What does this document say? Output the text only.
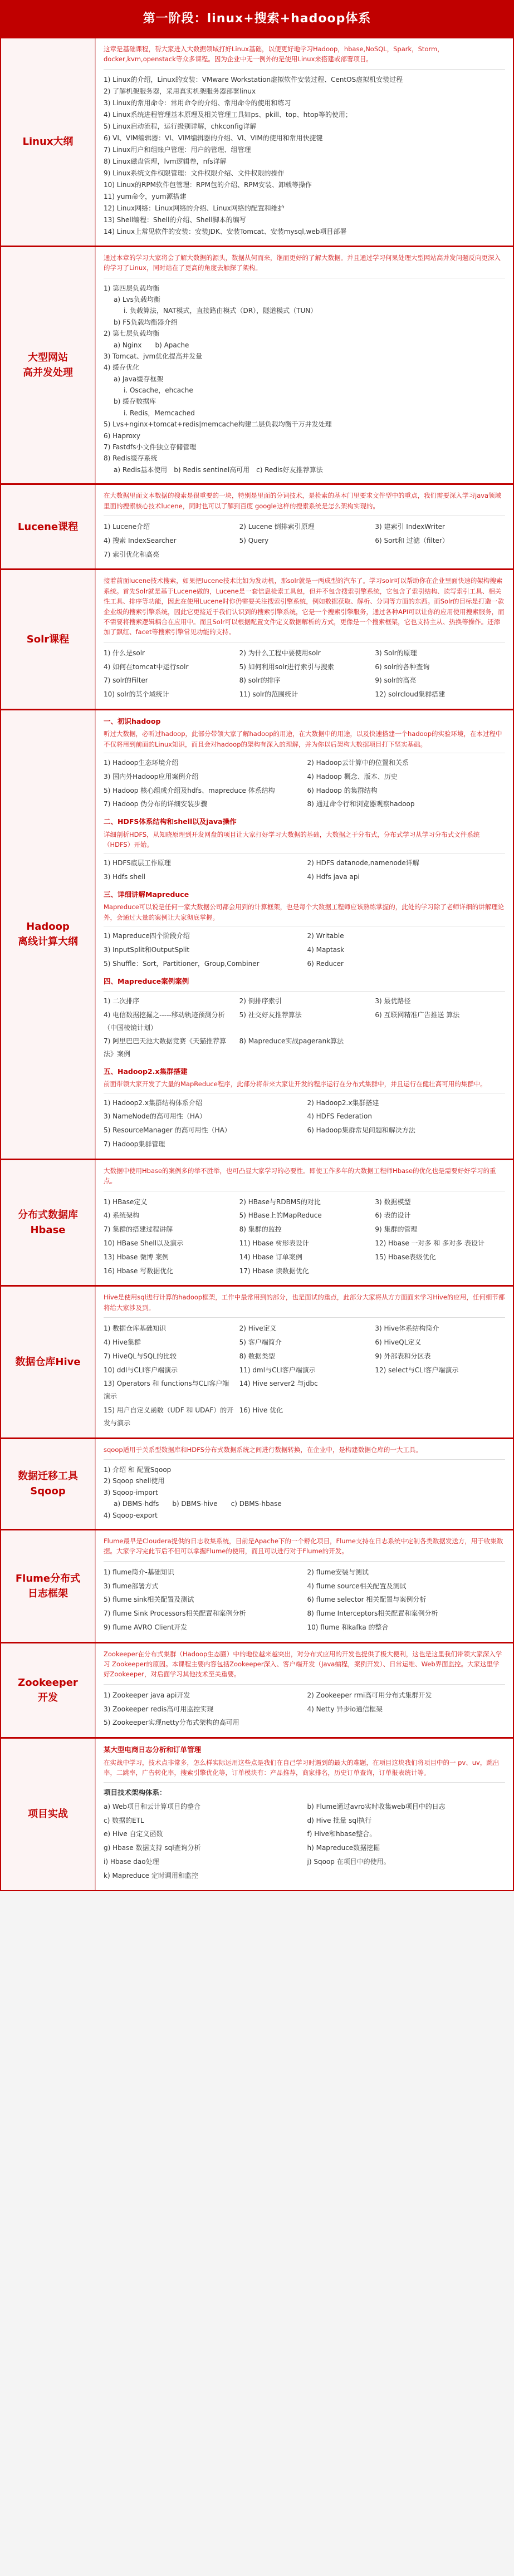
第一阶段：linux+搜索+hadoop体系
Linux大纲
这章是基础课程，帮大家进入大数据领域打好Linux基础，以便更好地学习Hadoop，hbase,NoSQL，Spark，Storm，docker,kvm,openstack等众多课程。因为企业中无一例外的是使用Linux来搭建或部署项目。
1) Linux的介绍，Linux的安装：VMware Workstation虚拟软件安装过程、CentOS虚拟机安装过程
2) 了解机架服务器，采用真实机架服务器部署linux
3) Linux的常用命令：常用命令的介绍、常用命令的使用和练习
4) Linux系统进程管理基本原理及相关管理工具如ps、pkill、top、htop等的使用；
5) Linux启动流程，运行级别详解，chkconfig详解
6) VI、VIM编辑器：VI、VIM编辑器的介绍、VI、VIM的使用和常用快捷键
7) Linux用户和组账户管理：用户的管理、组管理
8) Linux磁盘管理，lvm逻辑卷，nfs详解
9) Linux系统文件权限管理：文件权限介绍、文件权限的操作
10) Linux的RPM软件包管理：RPM包的介绍、RPM安装、卸载等操作
11) yum命令，yum源搭建
12) Linux网络：Linux网络的介绍、Linux网络的配置和维护
13) Shell编程：Shell的介绍、Shell脚本的编写
14) Linux上常见软件的安装：安装JDK、安装Tomcat、安装mysql,web项目部署
大型网站
高并发处理
通过本章的学习大家将会了解大数据的源头，数据从何而来，继而更好的了解大数据。并且通过学习何果处理大型网站高并发问题反向更深入的学习了Linux，同时站在了更高的角度去触探了架构。
1) 第四层负载均衡
a) Lvs负载均衡
i. 负载算法，NAT模式，直接路由模式（DR），隧道模式（TUN）
b) F5负载均衡器介绍
2) 第七层负载均衡
a) Nginx　　b) Apache
3) Tomcat、jvm优化提高并发量
4) 缓存优化
a) Java缓存框架
i. Oscache，ehcache
b) 缓存数据库
i. Redis，Memcached
5) Lvs+nginx+tomcat+redis|memcache构建二层负载均衡千万并发处理
6) Haproxy
7) Fastdfs小文件独立存储管理
8) Redis缓存系统
a) Redis基本使用　b) Redis sentinel高可用　c) Redis好友推荐算法
Lucene课程
在大数据里面文本数据的搜索是很重要的一块，特别是里面的分词技术，是检索的基本门里要求文件型中的重点，我们需要深入学习java领域里面的搜索核心技术lucene，同时也可以了解到百度 google这样的搜索系统是怎么架构实现的。
1) Lucene介绍	2) Lucene 倒排索引原理	3) 建索引 IndexWriter
4) 搜索 IndexSearcher	5) Query	6) Sort和 过滤（filter）
7) 索引优化和高亮
Solr课程
接着前面lucene技术搜索，如果把lucene技术比如为发动机，那solr就是一两成型的汽车了。学习solr可以帮助你在企业里面快速的架构搜索系统。首先Solr就是基于Lucene做的，Lucene是一套信息检索工具包，但并不包含搜索引擎系统，它包含了索引结构、读写索引工具、相关性工具、排序等功能，因此在使用Lucene时你仍需要关注搜索引擎系统，例如数据获取、解析、分词等方面的东西。而Solr的目标是打造一款企业级的搜索引擎系统，因此它更接近于我们认识到的搜索引擎系统，它是一个搜索引擎服务，通过各种API可以让你的应用使用搜索服务，而不需要将搜索逻辑耦合在应用中。而且Solr可以根据配置文件定义数据解析的方式，更像是一个搜索框架，它也支持主从、热换等操作。还添加了飘红、facet等搜索引擎常见功能的支持。
1) 什么是solr	2) 为什么工程中要使用solr	3) Solr的原理
4) 如何在tomcat中运行solr	5) 如何利用solr进行索引与搜索	6) solr的各种查询
7) solr的Filter	8) solr的排序	9) solr的高亮
10) solr的某个域统计	11) solr的范围统计	12) solrcloud集群搭建
Hadoop
离线计算大纲
一、初识hadoop
听过大数据，必听过hadoop，此部分带领大家了解hadoop的用途，在大数据中的用途，以及快速搭建一个hadoop的实验环境，在本过程中不仅将用到前面的Linux知识，而且会对hadoop的架构有深入的理解，并为你以后架构大数据项目打下坚实基础。
1) Hadoop生态环境介绍	2) Hadoop云计算中的位置和关系
3) 国内外Hadoop应用案例介绍	4) Hadoop 概念、版本、历史
5) Hadoop 核心组成介绍及hdfs、mapreduce 体系结构	6) Hadoop 的集群结构
7) Hadoop 伪分布的详细安装步骤	8) 通过命令行和浏览器观察hadoop
二、HDFS体系结构和shell以及java操作
详细剖析HDFS，从知晓原理到开发网盘的项目让大家打好学习大数据的基础，大数据之于分布式，分布式学习从学习分布式文件系统（HDFS）开始。
1) HDFS底层工作原理	2) HDFS datanode,namenode详解
3) Hdfs shell	4) Hdfs java api
三、详细讲解Mapreduce
Mapreduce可以说是任何一家大数据公司都会用到的计算框架，也是每个大数据工程师应该熟练掌握的，此处的学习除了老师详细的讲解理论外，会通过大量的案例让大家彻底掌握。
1) Mapreduce四个阶段介绍	2) Writable
3) InputSplit和OutputSplit	4) Maptask
5) Shuffle：Sort，Partitioner，Group,Combiner	6) Reducer
四、Mapreduce案例案例
1) 二次排序	2) 倒排序索引	3) 最优路径
4) 电信数据挖掘之-----移动轨迹预测分析（中国棱镜计划）
5) 社交好友推荐算法	6) 互联网精准广告推送 算法
7) 阿里巴巴天池大数据竞赛《天猫推荐算法》案例
8) Mapreduce实战pagerank算法
五、Hadoop2.x集群搭建
前面带领大家开发了大量的MapReduce程序，此部分将带来大家让开发的程序运行在分布式集群中，并且运行在健壮高可用的集群中。
1) Hadoop2.x集群结构体系介绍	2) Hadoop2.x集群搭建
3) NameNode的高可用性（HA）	4) HDFS Federation
5) ResourceManager 的高可用性（HA）	6) Hadoop集群常见问题和解决方法
7) Hadoop集群管理
分布式数据库
Hbase
大数据中使用Hbase的案例多的举不胜举，也可凸显大家学习的必要性。即使工作多年的大数据工程师Hbase的优化也是需要好好学习的重点。
1) HBase定义	2) HBase与RDBMS的对比	3) 数据模型
4) 系统架构	5) HBase上的MapReduce	6) 表的设计
7) 集群的搭建过程讲解	8) 集群的监控	9) 集群的管理
10) HBase Shell以及演示	11) Hbase 树形表设计	12) Hbase 一对多 和 多对多 表设计
13) Hbase 微博 案例	14) Hbase 订单案例	15) Hbase表级优化
16) Hbase 写数据优化	17) Hbase 读数据优化
数据仓库Hive
Hive是使用sql进行计算的hadoop框架，工作中最常用到的部分，也是面试的重点，此部分大家将从方方面面来学习Hive的应用，任何细节都将给大家涉及到。
1) 数据仓库基础知识	2) Hive定义	3) Hive体系结构简介
4) Hive集群	5) 客户端简介	6) HiveQL定义
7) HiveQL与SQL的比较	8) 数据类型	9) 外部表和分区表
10) ddl与CLI客户端演示	11) dml与CLI客户端演示	12) select与CLI客户端演示
13) Operators 和 functions与CLI客户端演示
14) Hive server2 与jdbc
15) 用户自定义函数（UDF 和 UDAF）的开发与演示
16) Hive 优化
数据迁移工具
Sqoop
sqoop适用于关系型数据库和HDFS分布式数据系统之间进行数据转换，在企业中，是构建数据仓库的一大工具。
1) 介绍 和 配置Sqoop
2) Sqoop shell使用
3) Sqoop-import
a) DBMS-hdfs　　b) DBMS-hive　　c) DBMS-hbase
4) Sqoop-export
Flume分布式
日志框架
Flume最早是Cloudera提供的日志收集系统，目前是Apache下的一个孵化项目，Flume支持在日志系统中定制各类数据发送方，用于收集数据。大家学习完此节后不但可以掌握Flume的使用，而且可以进行对于Flume的开发。
1) flume简介-基础知识	2) flume安装与测试
3) flume部署方式	4) flume source相关配置及测试
5) flume sink相关配置及测试	6) flume selector 相关配置与案例分析
7) flume Sink Processors相关配置和案例分析	8) flume Interceptors相关配置和案例分析
9) flume AVRO Client开发	10) flume 和kafka 的整合
Zookeeper
开发
Zookeeper在分布式集群（Hadoop生态圈）中的地位越来越突出，对分布式应用的开发也提供了极大便利，这也是这里我们带领大家深入学习 Zookeeper的原因。本课程主要内容包括Zookeeper深入、客户端开发（Java编程，案例开发）、日常运维、Web界面监控。大家这里学好Zookeeper，对后面学习其他技术至关重要。
1) Zookeeper java api开发	2) Zookeeper rmi高可用分布式集群开发
3) Zookeeper redis高可用监控实现	4) Netty 异步io通信框架
5) Zookeeper实现netty分布式架构的高可用
项目实战
某大型电商日志分析和订单管理
在实战中学习，技术点非常多，怎么样实际运用这些点是我们在自己学习时遇到的最大的难题，在项目这块我们将项目中的一 pv、uv，跳出率，二跳率，广告转化率，搜索引擎优化等，订单模块有：产品推荐，商家排名，历史订单查询，订单报表统计等。
项目技术架构体系：
a) Web项目和云计算项目的整合	b) Flume通过avro实时收集web项目中的日志
c) 数据的ETL	d) Hive 批量 sql执行
e) Hive 自定义函数	f) Hive和hbase整合。
g) Hbase 数据支持 sql查询分析	h) Mapreduce数据挖掘
i) Hbase dao处理	j) Sqoop 在项目中的使用。
k) Mapreduce 定时调用和监控
